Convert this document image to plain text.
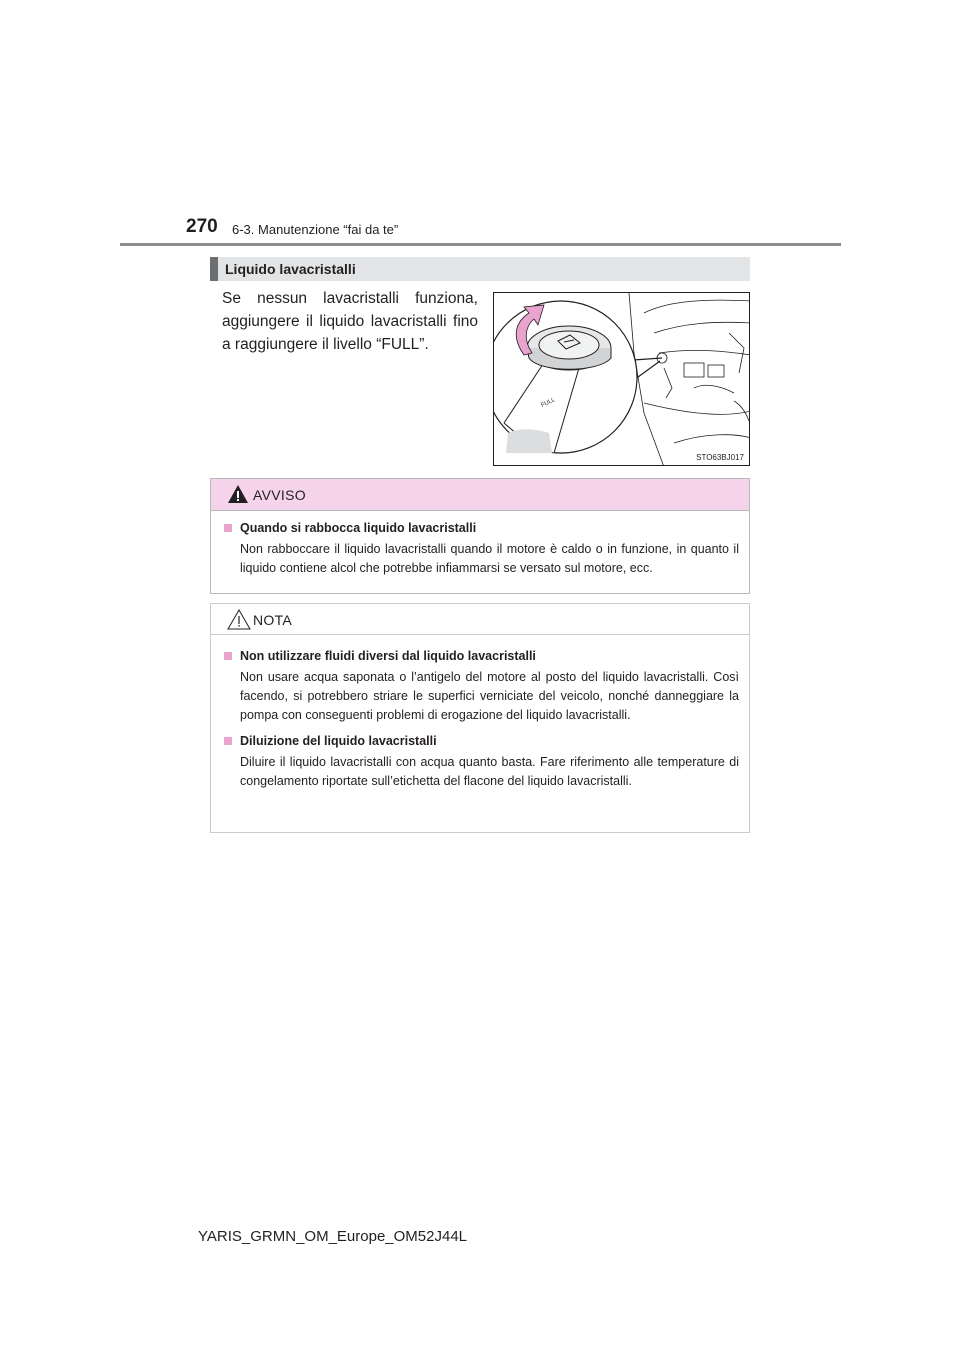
270 6-3. Manutenzione “fai da te”
Liquido lavacristalli
Se nessun lavacristalli funziona, aggiungere il liquido lavacristalli fino a raggiungere il livello “FULL”.
FULL
STO63BJ017
AVVISO
Quando si rabbocca liquido lavacristalli
Non rabboccare il liquido lavacristalli quando il motore è caldo o in funzione, in quanto il liquido contiene alcol che potrebbe infiammarsi se versato sul motore, ecc.
NOTA
Non utilizzare fluidi diversi dal liquido lavacristalli
Non usare acqua saponata o l’antigelo del motore al posto del liquido lavacristalli. Così facendo, si potrebbero striare le superfici verniciate del veicolo, nonché danneggiare la pompa con conseguenti problemi di erogazione del liquido lavacristalli.
Diluizione del liquido lavacristalli
Diluire il liquido lavacristalli con acqua quanto basta. Fare riferimento alle temperature di congelamento riportate sull’etichetta del flacone del liquido lavacristalli.
YARIS_GRMN_OM_Europe_OM52J44L
